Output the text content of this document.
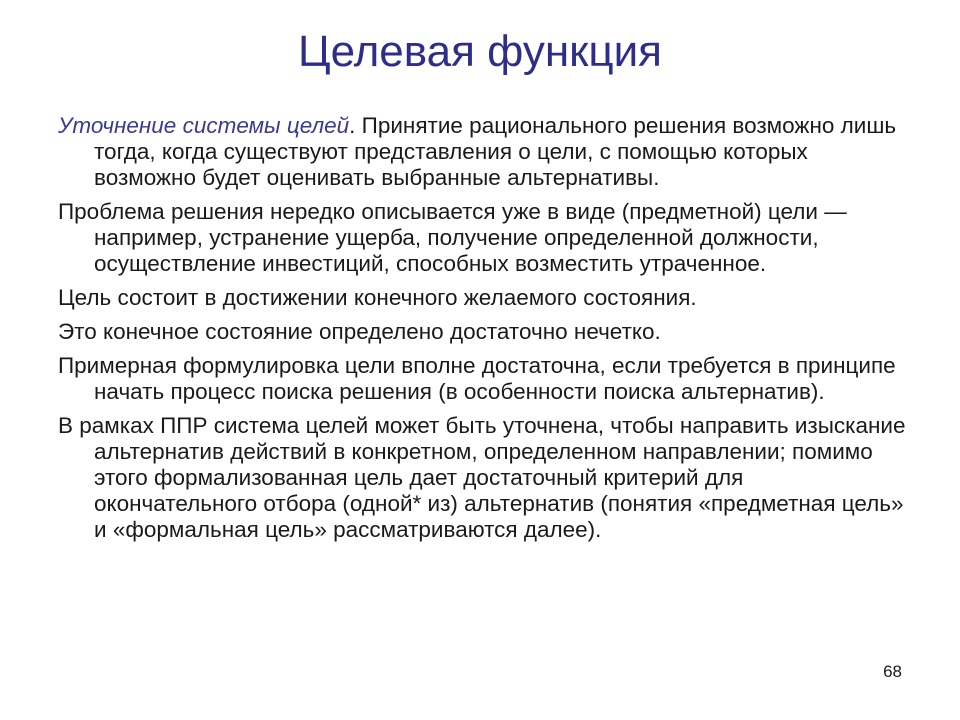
Целевая функция

Уточнение системы целей. Принятие рационального решения возможно лишь тогда, когда существуют представления о цели, с помощью которых возможно будет оценивать выбранные альтернативы.

Проблема решения нередко описывается уже в виде (предметной) цели — например, устранение ущерба, получение определенной должности, осуществление инвестиций, способных возместить утраченное.

Цель состоит в достижении конечного желаемого состояния.

Это конечное состояние определено достаточно нечетко.

Примерная формулировка цели вполне достаточна, если требуется в принципе начать процесс поиска решения (в особенности поиска альтернатив).

В рамках ППР система целей может быть уточнена, чтобы направить изыскание альтернатив действий в конкретном, определенном направлении; помимо этого формализованная цель дает достаточный критерий для окончательного отбора (одной* из) альтернатив (понятия «предметная цель» и «формальная цель» рассматриваются далее).

68
